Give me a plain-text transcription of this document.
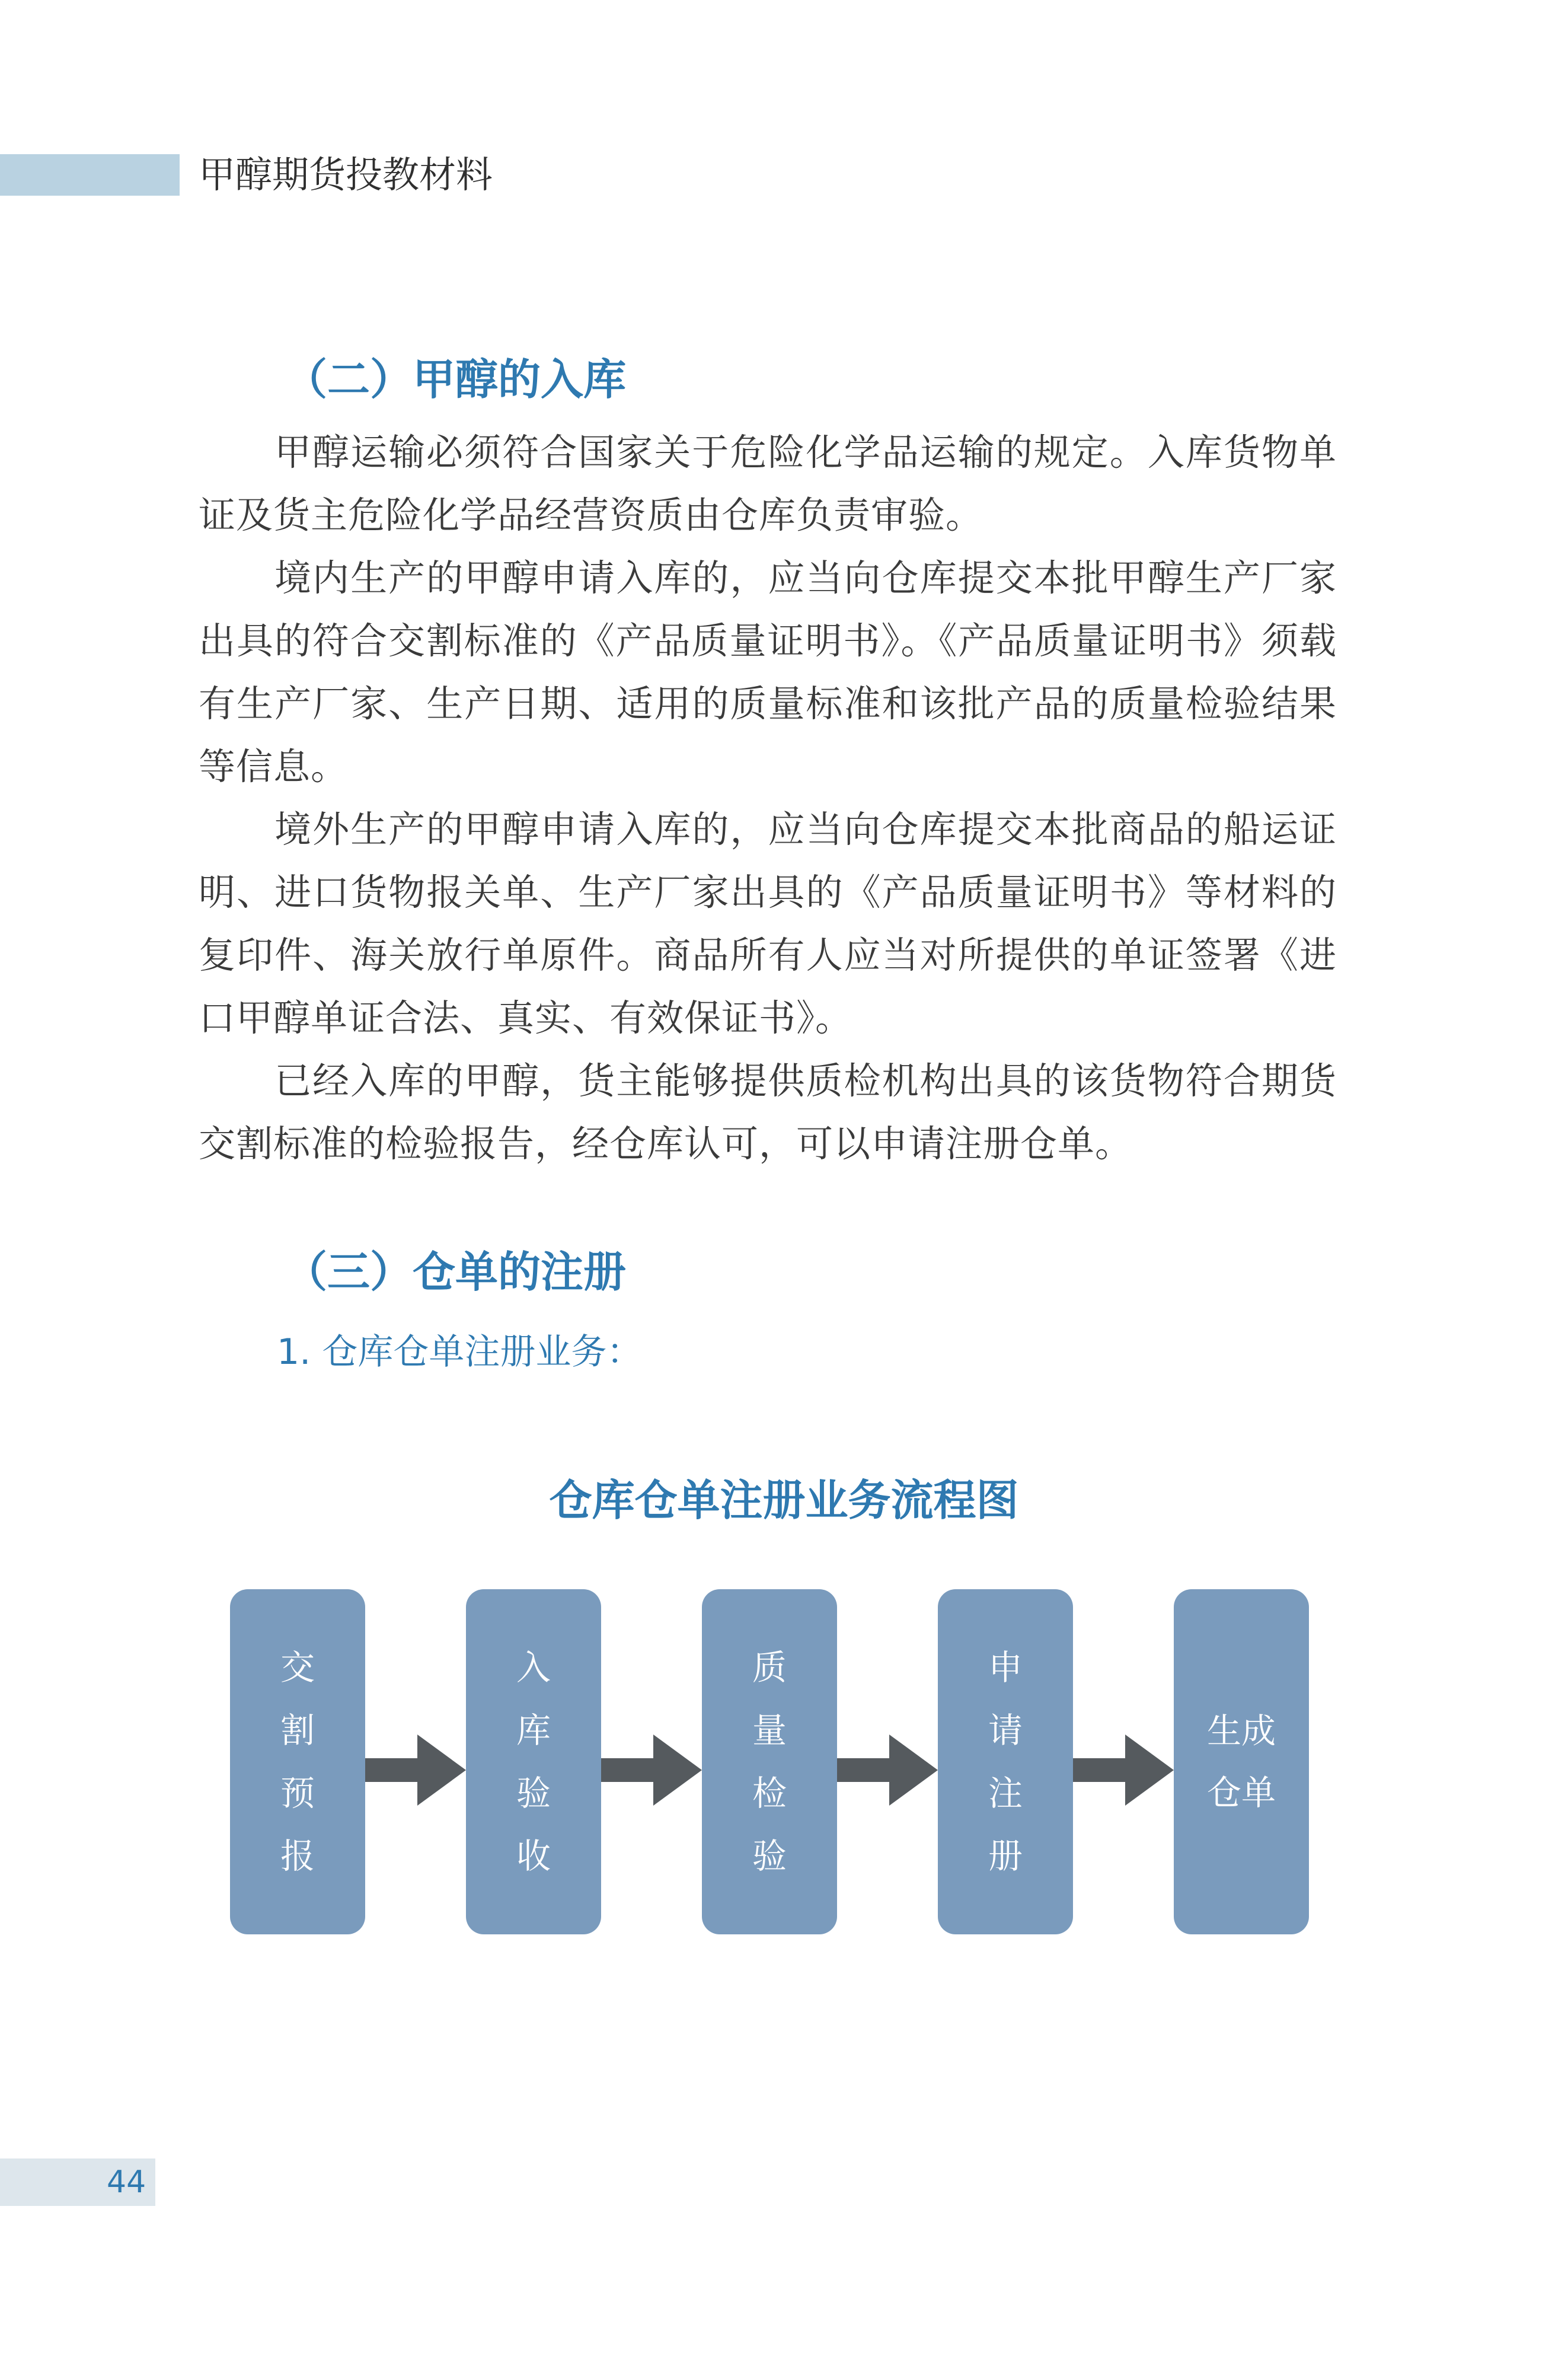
甲醇期货投教材料
（二）甲醇的入库

甲醇运输必须符合国家关于危险化学品运输的规定。入库货物单证及货主危险化学品经营资质由仓库负责审验。

境内生产的甲醇申请入库的，应当向仓库提交本批甲醇生产厂家出具的符合交割标准的《产品质量证明书》。《产品质量证明书》须载有生产厂家、生产日期、适用的质量标准和该批产品的质量检验结果等信息。

境外生产的甲醇申请入库的，应当向仓库提交本批商品的船运证明、进口货物报关单、生产厂家出具的《产品质量证明书》等材料的复印件、海关放行单原件。商品所有人应当对所提供的单证签署《进口甲醇单证合法、真实、有效保证书》。

已经入库的甲醇，货主能够提供质检机构出具的该货物符合期货交割标准的检验报告，经仓库认可，可以申请注册仓单。

（三）仓单的注册
1. 仓库仓单注册业务：
仓库仓单注册业务流程图
交割预报
入库验收
质量检验
申请注册
生成仓单
44
